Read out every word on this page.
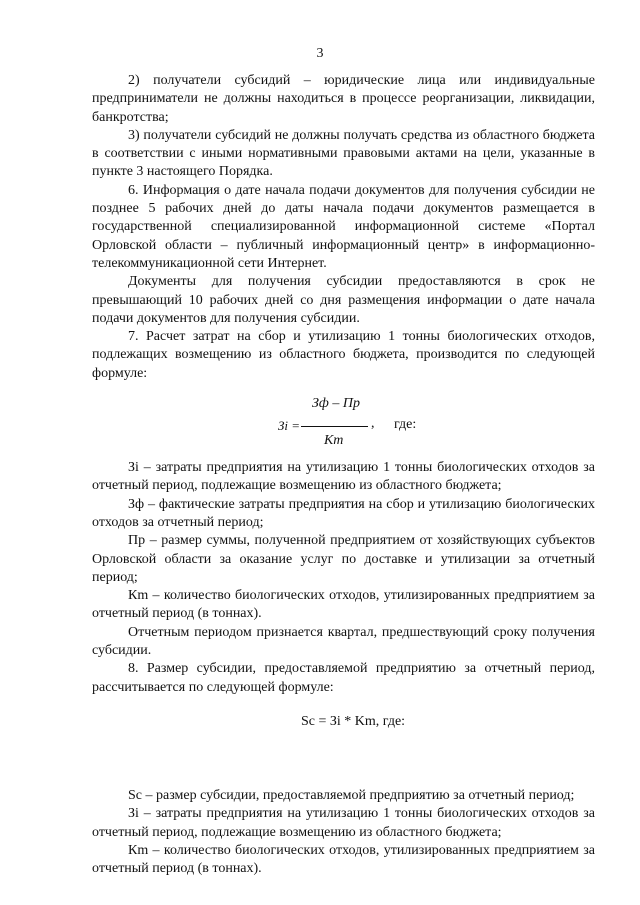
3

2) получатели субсидий – юридические лица или индивидуальные предприниматели не должны находиться в процессе реорганизации, ликвидации, банкротства;

3) получатели субсидий не должны получать средства из областного бюджета в соответствии с иными нормативными правовыми актами на цели, указанные в пункте 3 настоящего Порядка.

6. Информация о дате начала подачи документов для получения субсидии не позднее 5 рабочих дней до даты начала подачи документов размещается в государственной специализированной информационной системе «Портал Орловской области – публичный информационный центр» в информационно-телекоммуникационной сети Интернет.

Документы для получения субсидии предоставляются в срок не превышающий 10 рабочих дней со дня размещения информации о дате начала подачи документов для получения субсидии.

7. Расчет затрат на сбор и утилизацию 1 тонны биологических отходов, подлежащих возмещению из областного бюджета, производится по следующей формуле:

Зф – Пр
Зi =	, где:
Кm

Зi – затраты предприятия на утилизацию 1 тонны биологических отходов за отчетный период, подлежащие возмещению из областного бюджета;

Зф – фактические затраты предприятия на сбор и утилизацию биологических отходов за отчетный период;

Пр – размер суммы, полученной предприятием от хозяйствующих субъектов Орловской области за оказание услуг по доставке и утилизации за отчетный период;

Кm – количество биологических отходов, утилизированных предприятием за отчетный период (в тоннах).

Отчетным периодом признается квартал, предшествующий сроку получения субсидии.

8. Размер субсидии, предоставляемой предприятию за отчетный период, рассчитывается по следующей формуле:

Sc = Зi * Km, где:

Sc – размер субсидии, предоставляемой предприятию за отчетный период;

Зi – затраты предприятия на утилизацию 1 тонны биологических отходов за отчетный период, подлежащие возмещению из областного бюджета;

Кm – количество биологических отходов, утилизированных предприятием за отчетный период (в тоннах).
